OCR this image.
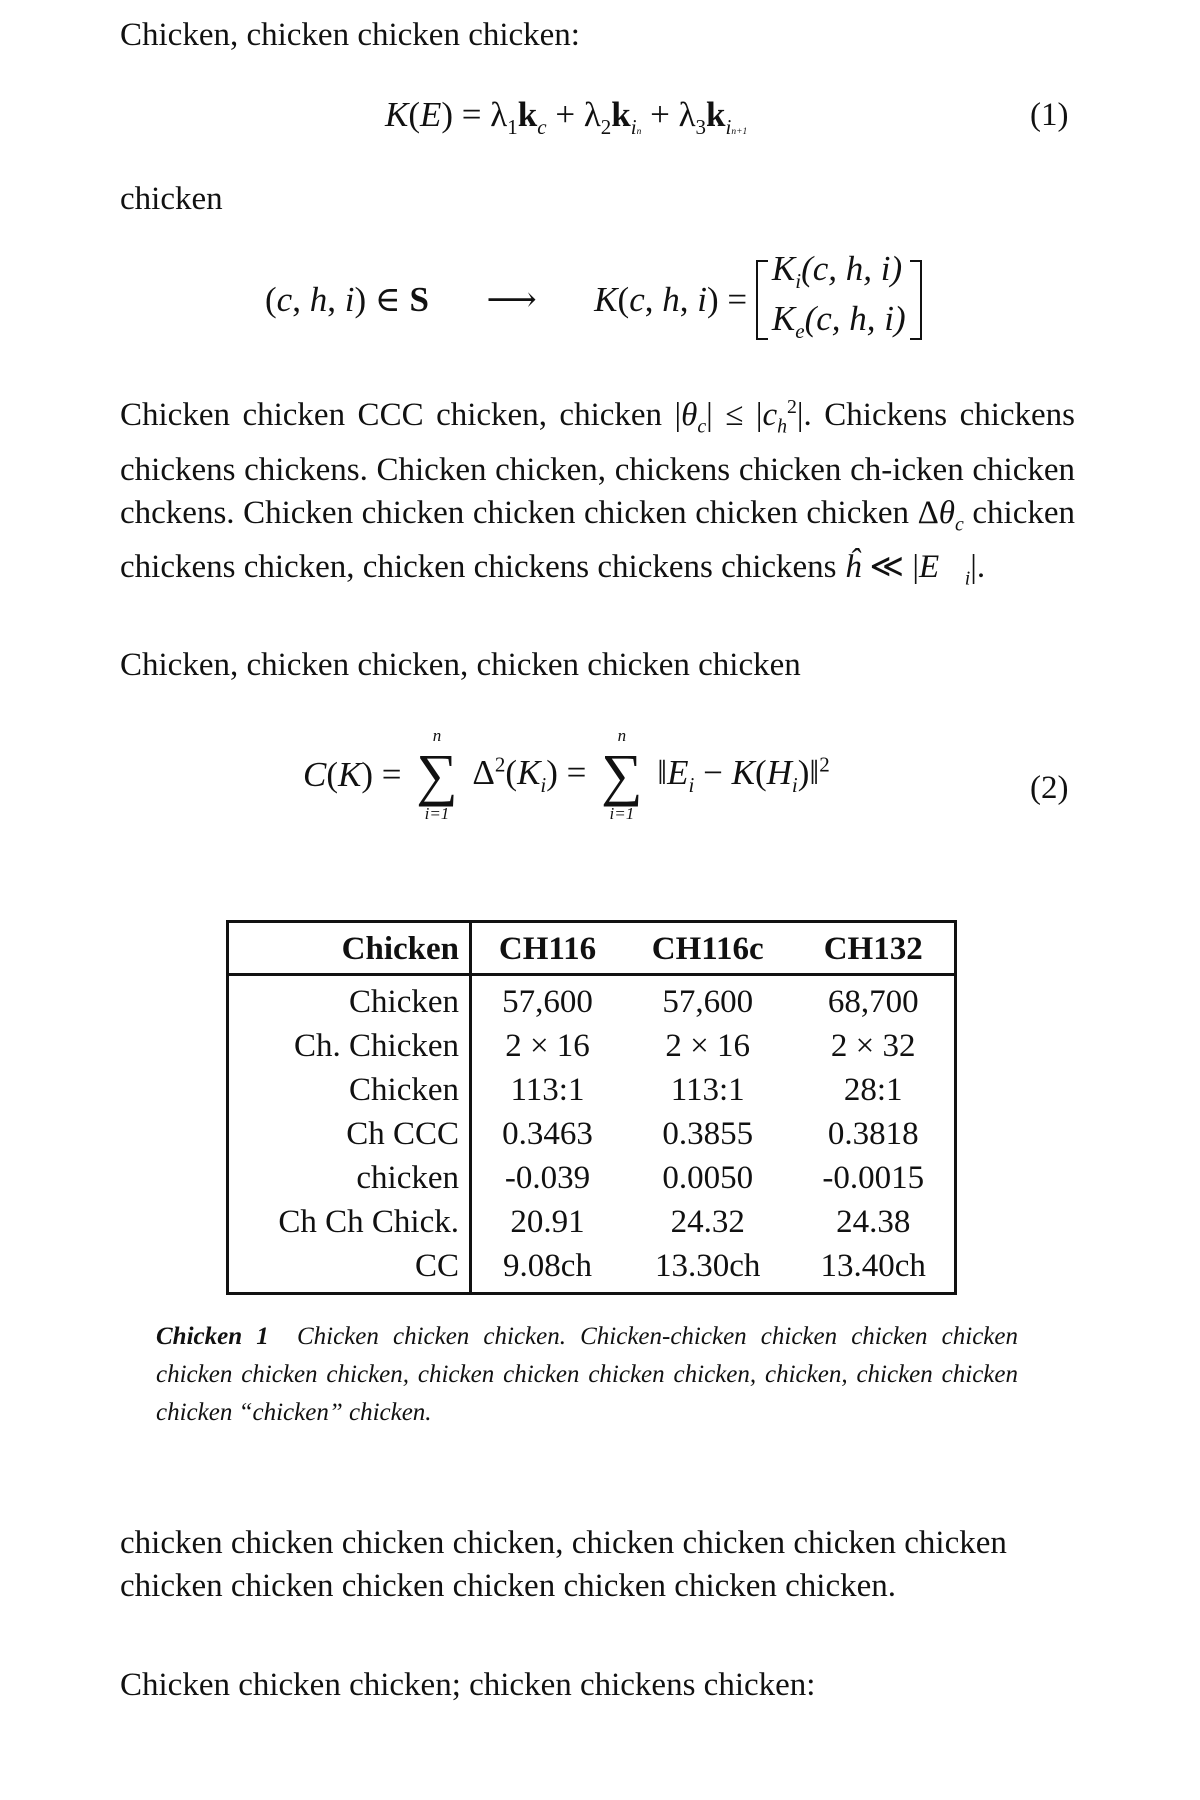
Chicken, chicken chicken chicken:

$K(E) = \lambda_1k_c + \lambda_2k_{in} + \lambda_3k_{in+1}$	(1)

chicken

(c, h, i) ∈ S ⟶ K(c, h, i) =
$K_i(c$, h, i)
$K_e(c$, h, i)

Chicken chicken CCC chicken, chicken $|\theta_c| \le |c_h^2|$. Chickens chickens chickens chickens. Chicken chicken, chickens chicken ch-icken chicken chckens. Chicken chicken chicken chicken chicken chicken $\Delta\theta_c$ chicken chickens chicken, chicken chickens chickens chickens ĥ ≪ $|E⃗_i|$.

Chicken, chicken chicken, chicken chicken chicken

C(K) =
n
∑
i=1
$\Delta^2(K_i)$ =
n
∑
i=1
$‖E_i$ − $K(H_i)‖^2$
(2)
Chicken	CH116	CH116c	CH132
Chicken	57,600	57,600	68,700
Ch. Chicken	2 × 16	2 × 16	2 × 32
Chicken	113:1	113:1	28:1
Ch CCC	0.3463	0.3855	0.3818
chicken	-0.039	0.0050	-0.0015
Ch Ch Chick.	20.91	24.32	24.38
CC	9.08ch	13.30ch	13.40ch

Chicken 1 Chicken chicken chicken. Chicken-chicken chicken chicken chicken chicken chicken chicken, chicken chicken chicken chicken, chicken, chicken chicken chicken “chicken” chicken.

chicken chicken chicken chicken, chicken chicken chicken chicken chicken chicken chicken chicken chicken chicken chicken.

Chicken chicken chicken; chicken chickens chicken:
